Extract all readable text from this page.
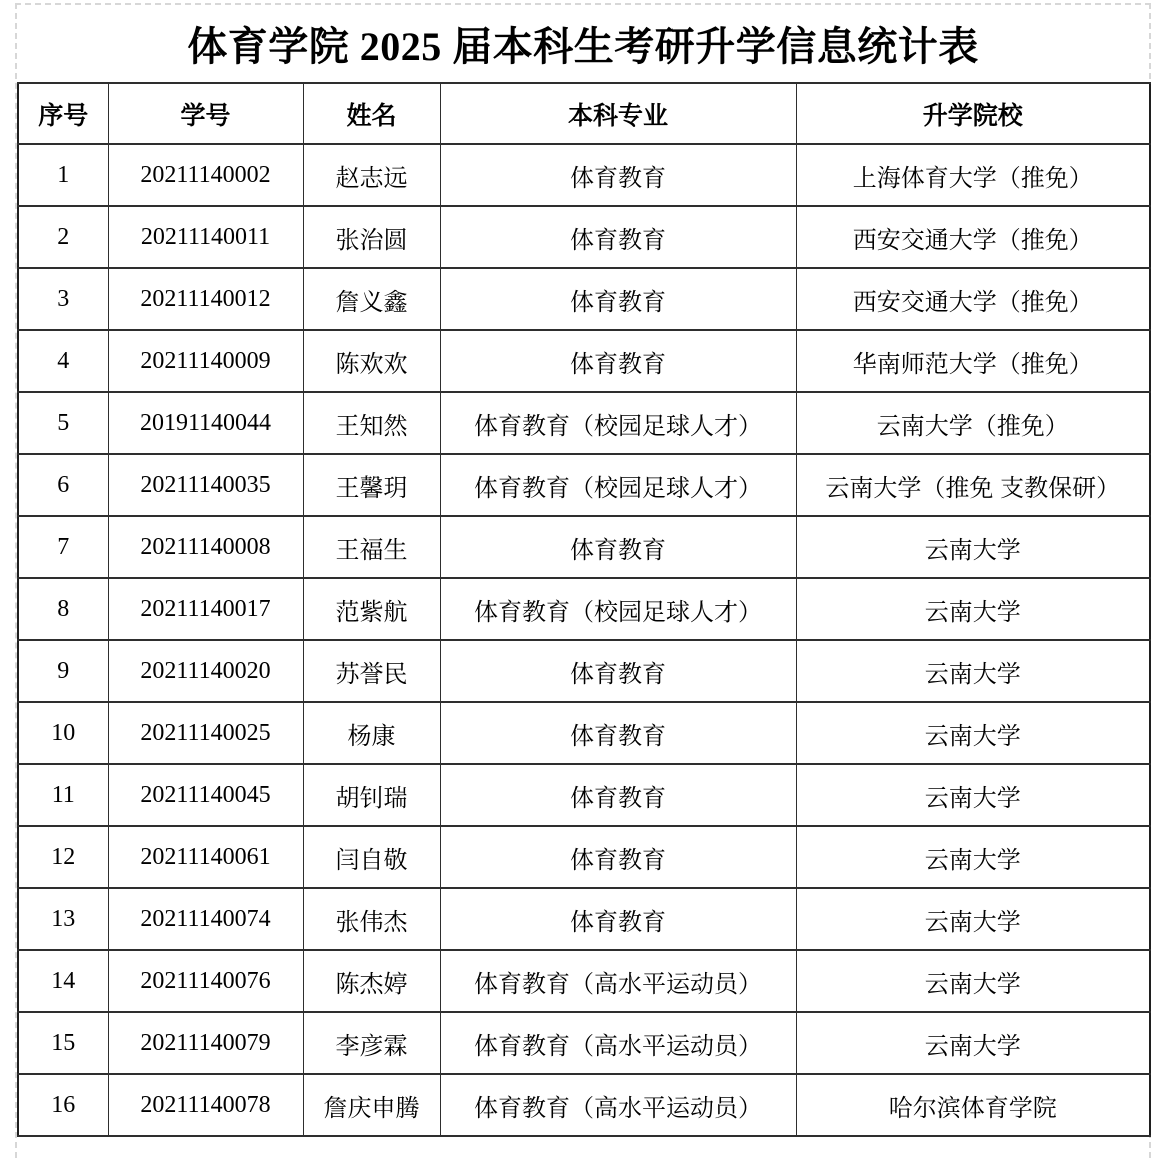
体育学院 2025 届本科生考研升学信息统计表
序号	学号	姓名	本科专业	升学院校
1	20211140002	赵志远	体育教育	上海体育大学（推免）
2	20211140011	张治圆	体育教育	西安交通大学（推免）
3	20211140012	詹义鑫	体育教育	西安交通大学（推免）
4	20211140009	陈欢欢	体育教育	华南师范大学（推免）
5	20191140044	王知然	体育教育（校园足球人才）	云南大学（推免）
6	20211140035	王馨玥	体育教育（校园足球人才）	云南大学（推免 支教保研）
7	20211140008	王福生	体育教育	云南大学
8	20211140017	范紫航	体育教育（校园足球人才）	云南大学
9	20211140020	苏誉民	体育教育	云南大学
10	20211140025	杨康	体育教育	云南大学
11	20211140045	胡钊瑞	体育教育	云南大学
12	20211140061	闫自敬	体育教育	云南大学
13	20211140074	张伟杰	体育教育	云南大学
14	20211140076	陈杰婷	体育教育（高水平运动员）	云南大学
15	20211140079	李彦霖	体育教育（高水平运动员）	云南大学
16	20211140078	詹庆申腾	体育教育（高水平运动员）	哈尔滨体育学院
